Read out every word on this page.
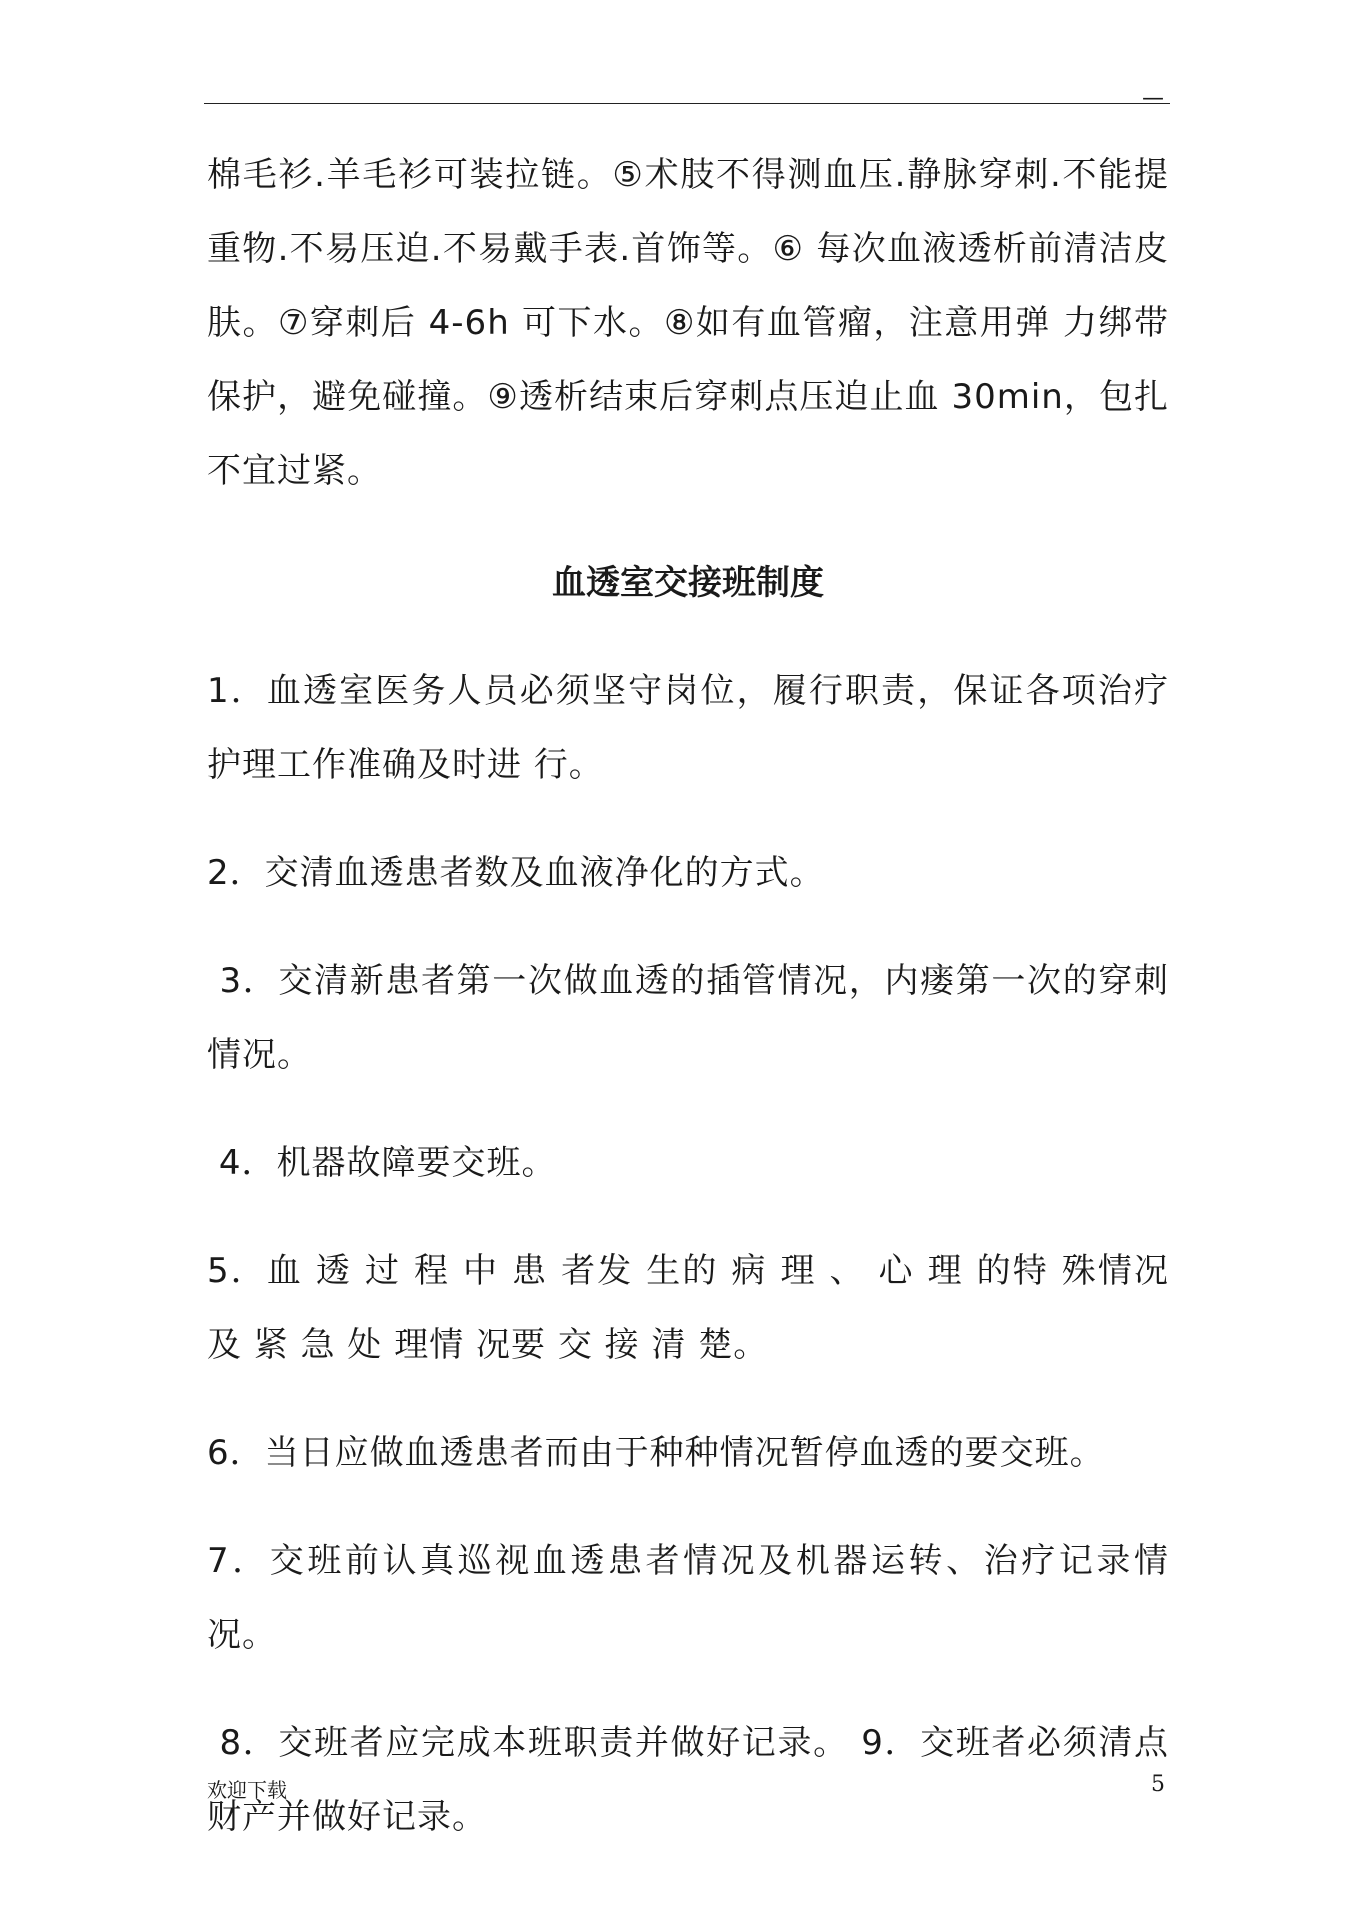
—

棉毛衫.羊毛衫可装拉链。⑤术肢不得测血压.静脉穿刺.不能提重物.不易压迫.不易戴手表.首饰等。⑥ 每次血液透析前清洁皮肤。⑦穿刺后 4-6h 可下水。⑧如有血管瘤，注意用弹 力绑带保护，避免碰撞。⑨透析结束后穿刺点压迫止血 30min，包扎不宜过紧。

血透室交接班制度

1．血透室医务人员必须坚守岗位，履行职责，保证各项治疗护理工作准确及时进 行。

2．交清血透患者数及血液净化的方式。

3．交清新患者第一次做血透的插管情况，内瘘第一次的穿刺情况。

4．机器故障要交班。

5．血 透 过 程 中 患 者发 生的 病 理 、 心 理 的特 殊情况 及 紧 急 处 理情 况要 交 接 清 楚。

6．当日应做血透患者而由于种种情况暂停血透的要交班。

7．交班前认真巡视血透患者情况及机器运转、治疗记录情况。

8．交班者应完成本班职责并做好记录。 9．交班者必须清点财产并做好记录。

欢迎下载	5
